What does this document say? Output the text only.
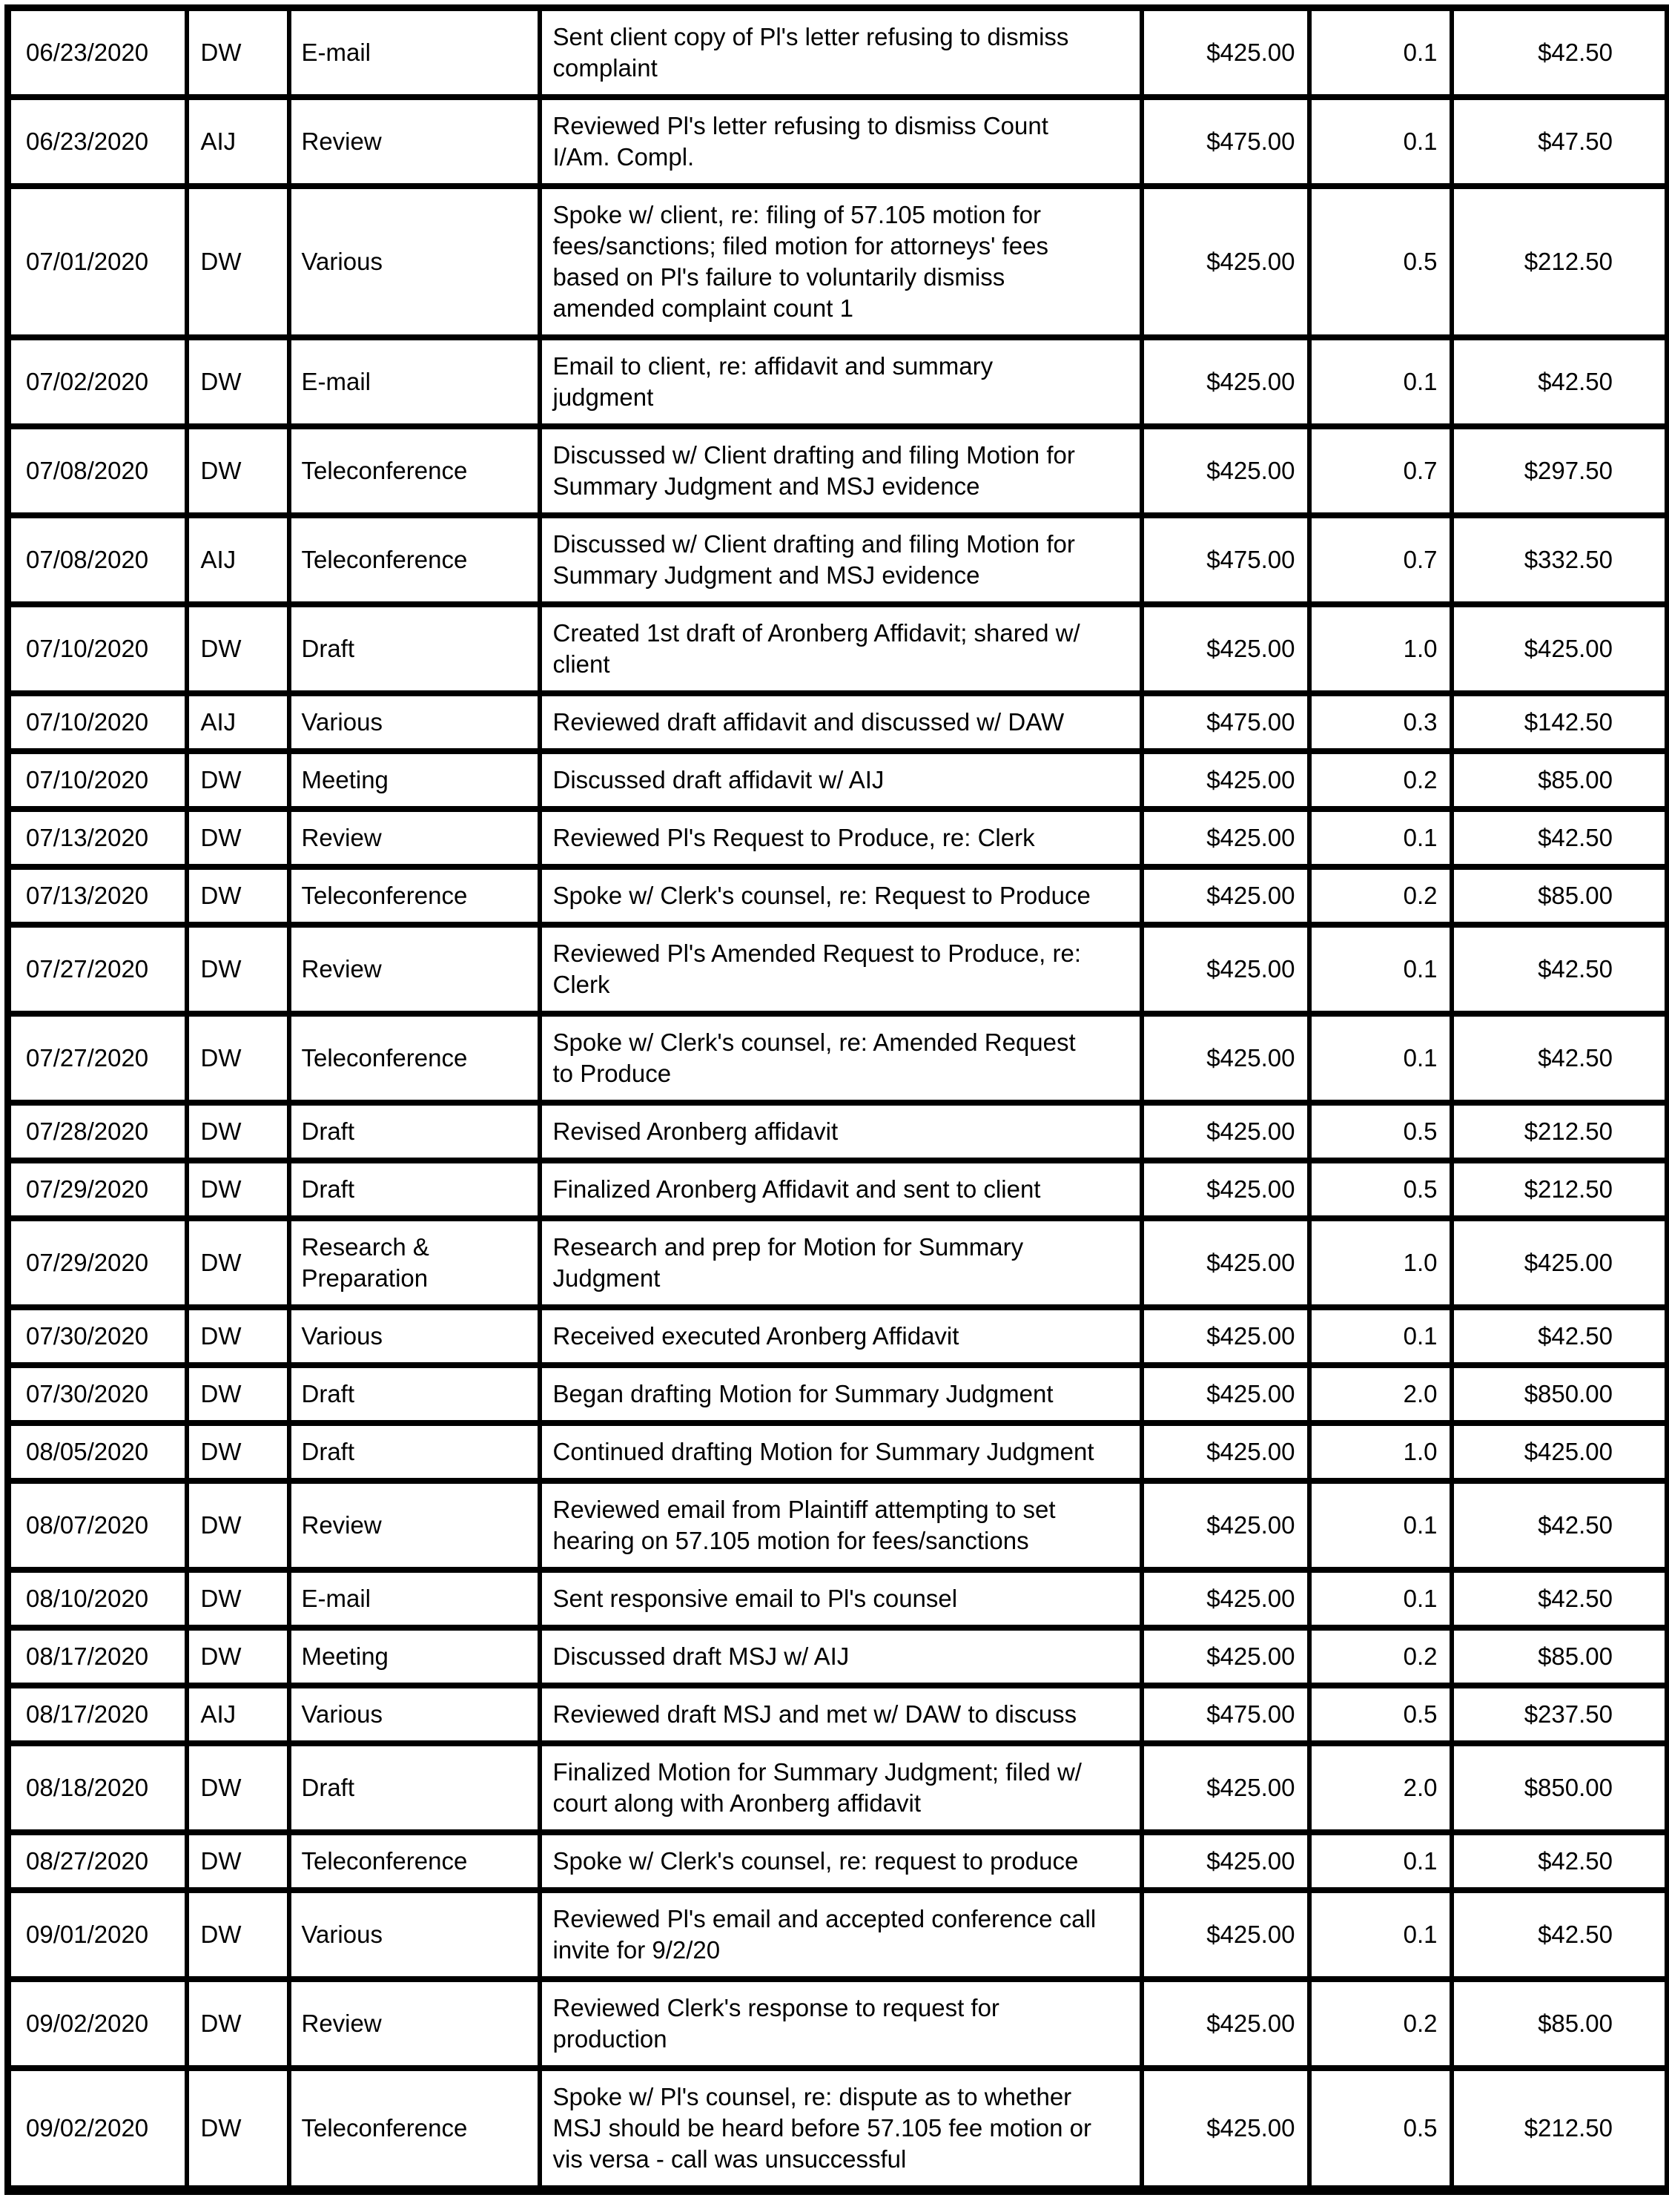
06/23/2020	DW	E-mail	Sent client copy of Pl's letter refusing to dismiss complaint	$425.00	0.1	$42.50
06/23/2020	AIJ	Review	Reviewed Pl's letter refusing to dismiss Count I/Am. Compl.	$475.00	0.1	$47.50
07/01/2020	DW	Various	Spoke w/ client, re: filing of 57.105 motion for fees/sanctions; filed motion for attorneys' fees based on Pl's failure to voluntarily dismiss amended complaint count 1	$425.00	0.5	$212.50
07/02/2020	DW	E-mail	Email to client, re: affidavit and summary judgment	$425.00	0.1	$42.50
07/08/2020	DW	Teleconference	Discussed w/ Client drafting and filing Motion for Summary Judgment and MSJ evidence	$425.00	0.7	$297.50
07/08/2020	AIJ	Teleconference	Discussed w/ Client drafting and filing Motion for Summary Judgment and MSJ evidence	$475.00	0.7	$332.50
07/10/2020	DW	Draft	Created 1st draft of Aronberg Affidavit; shared w/ client	$425.00	1.0	$425.00
07/10/2020	AIJ	Various	Reviewed draft affidavit and discussed w/ DAW	$475.00	0.3	$142.50
07/10/2020	DW	Meeting	Discussed draft affidavit w/ AIJ	$425.00	0.2	$85.00
07/13/2020	DW	Review	Reviewed Pl's Request to Produce, re: Clerk	$425.00	0.1	$42.50
07/13/2020	DW	Teleconference	Spoke w/ Clerk's counsel, re: Request to Produce	$425.00	0.2	$85.00
07/27/2020	DW	Review	Reviewed Pl's Amended Request to Produce, re: Clerk	$425.00	0.1	$42.50
07/27/2020	DW	Teleconference	Spoke w/ Clerk's counsel, re: Amended Request to Produce	$425.00	0.1	$42.50
07/28/2020	DW	Draft	Revised Aronberg affidavit	$425.00	0.5	$212.50
07/29/2020	DW	Draft	Finalized Aronberg Affidavit and sent to client	$425.00	0.5	$212.50
07/29/2020	DW	Research & Preparation	Research and prep for Motion for Summary Judgment	$425.00	1.0	$425.00
07/30/2020	DW	Various	Received executed Aronberg Affidavit	$425.00	0.1	$42.50
07/30/2020	DW	Draft	Began drafting Motion for Summary Judgment	$425.00	2.0	$850.00
08/05/2020	DW	Draft	Continued drafting Motion for Summary Judgment	$425.00	1.0	$425.00
08/07/2020	DW	Review	Reviewed email from Plaintiff attempting to set hearing on 57.105 motion for fees/sanctions	$425.00	0.1	$42.50
08/10/2020	DW	E-mail	Sent responsive email to Pl's counsel	$425.00	0.1	$42.50
08/17/2020	DW	Meeting	Discussed draft MSJ w/ AIJ	$425.00	0.2	$85.00
08/17/2020	AIJ	Various	Reviewed draft MSJ and met w/ DAW to discuss	$475.00	0.5	$237.50
08/18/2020	DW	Draft	Finalized Motion for Summary Judgment; filed w/ court along with Aronberg affidavit	$425.00	2.0	$850.00
08/27/2020	DW	Teleconference	Spoke w/ Clerk's counsel, re: request to produce	$425.00	0.1	$42.50
09/01/2020	DW	Various	Reviewed Pl's email and accepted conference call invite for 9/2/20	$425.00	0.1	$42.50
09/02/2020	DW	Review	Reviewed Clerk's response to request for production	$425.00	0.2	$85.00
09/02/2020	DW	Teleconference	Spoke w/ Pl's counsel, re: dispute as to whether MSJ should be heard before 57.105 fee motion or vis versa - call was unsuccessful	$425.00	0.5	$212.50
